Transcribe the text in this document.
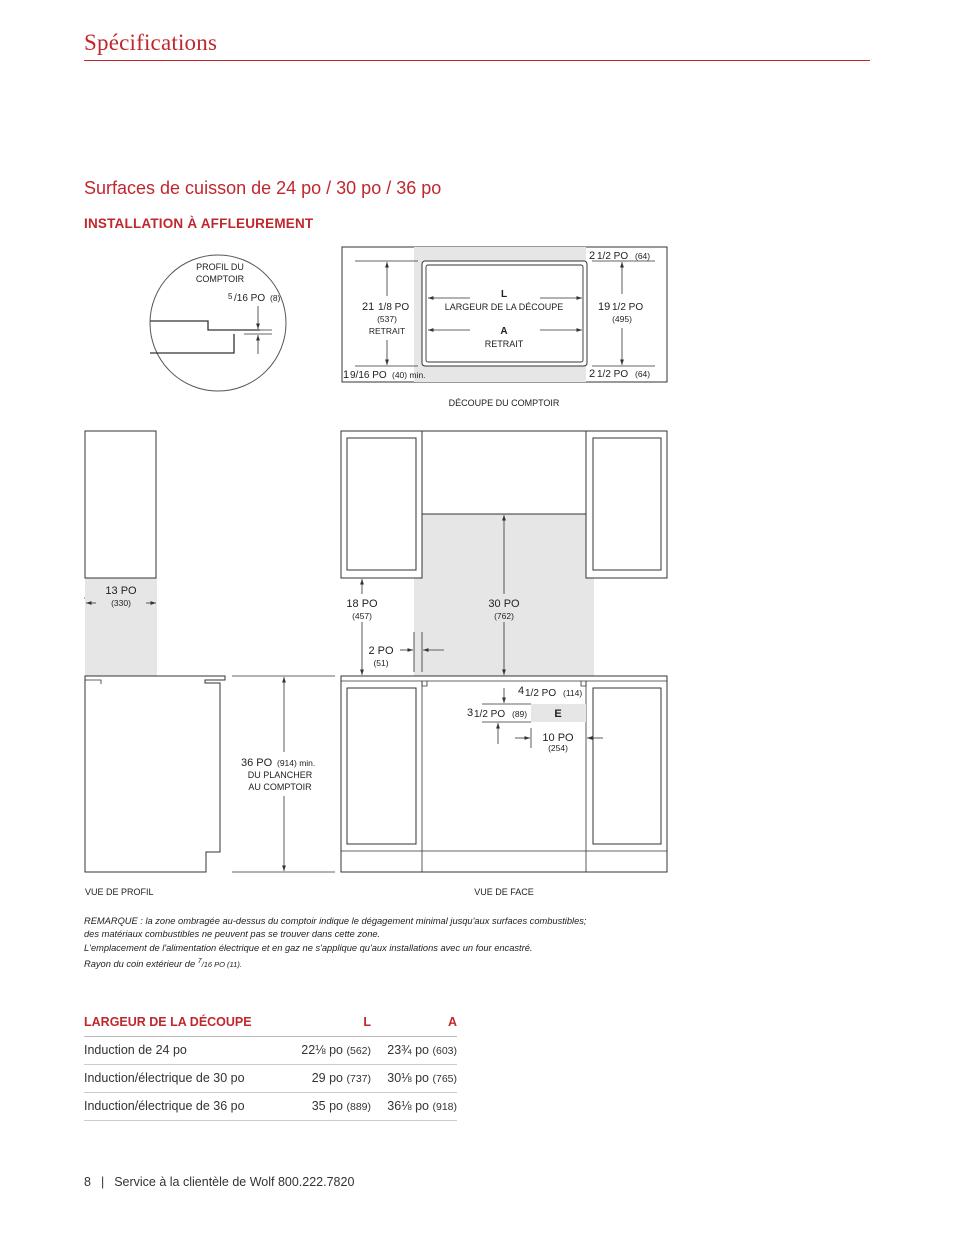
Spécifications
Surfaces de cuisson de 24 po / 30 po / 36 po
INSTALLATION À AFFLEUREMENT
PROFIL DU
COMPTOIR
5 /16 PO (8)
21 1/8 PO
(537)
RETRAIT
L
LARGEUR DE LA DÉCOUPE
A
RETRAIT
19 1/2 PO
(495)
2 1/2 PO (64)
1 9/16 PO (40) min.	2 1/2 PO (64)
DÉCOUPE DU COMPTOIR
13 PO
(330)
36 PO (914) min.
DU PLANCHER
AU COMPTOIR
VUE DE PROFIL
18 PO
(457)
30 PO
(762)
2 PO
(51)
E
4 1/2 PO (114)
3 1/2 PO (89)
10 PO
(254)
VUE DE FACE

REMARQUE : la zone ombragée au-dessus du comptoir indique le dégagement minimal jusqu'aux surfaces combustibles;

des matériaux combustibles ne peuvent pas se trouver dans cette zone.

L'emplacement de l'alimentation électrique et en gaz ne s'applique qu'aux installations avec un four encastré.

Rayon du coin extérieur de $^7$/16 PO (11).

LARGEUR DE LA DÉCOUPE	L	A
Induction de 24 po	22⅛ po (562)	23¾ po (603)
Induction/électrique de 30 po	29 po (737)	30⅛ po (765)
Induction/électrique de 36 po	35 po (889)	36⅛ po (918)
8 | Service à la clientèle de Wolf 800.222.7820
